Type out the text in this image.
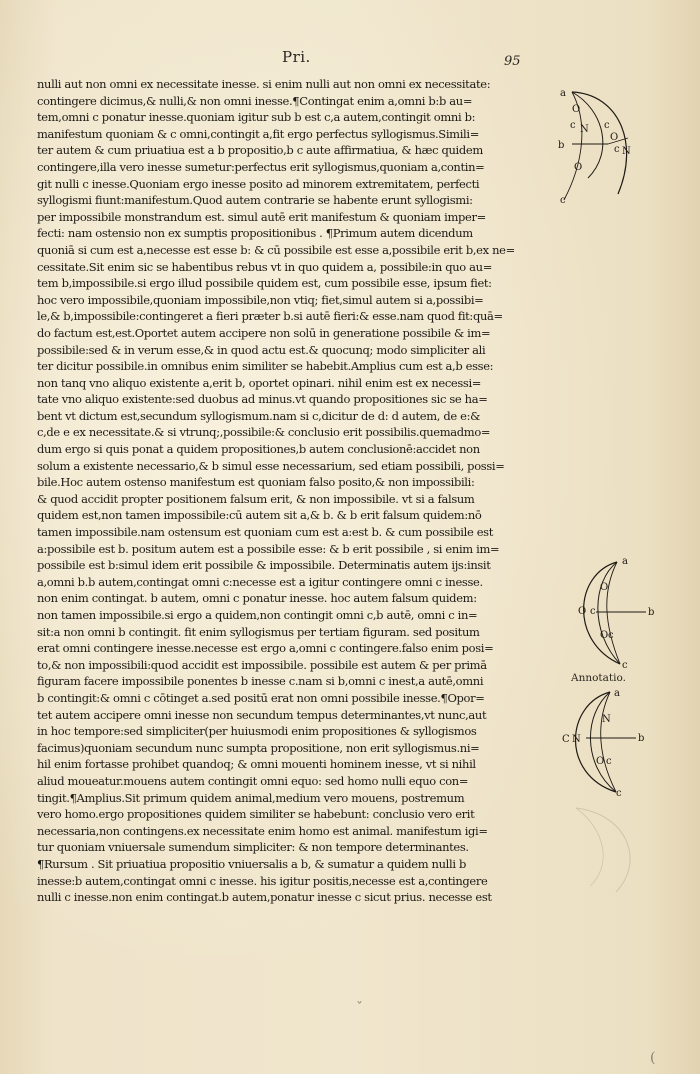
Pri.	95
nulli aut non omni ex necessitate inesse. si enim nulli aut non omni ex necessitate:
contingere dicimus,& nulli,& non omni inesse.¶Contingat enim a,omni b:b au=
tem,omni c ponatur inesse.quoniam igitur sub b est c,a autem,contingit omni b:
manifestum quoniam & c omni,contingit a,fit ergo perfectus syllogismus.Simili=
ter autem & cum priuatiua est a b propositio,b c aute affirmatiua, & hæc quidem
contingere,illa vero inesse sumetur:perfectus erit syllogismus,quoniam a,contin=
git nulli c inesse.Quoniam ergo inesse posito ad minorem extremitatem, perfecti
syllogismi fiunt:manifestum.Quod autem contrarie se habente erunt syllogismi:
per impossibile monstrandum est. simul autē erit manifestum & quoniam imper=
fecti: nam ostensio non ex sumptis propositionibus . ¶Primum autem dicendum
quoniā si cum est a,necesse est esse b: & cū possibile est esse a,possibile erit b,ex ne=
cessitate.Sit enim sic se habentibus rebus vt in quo quidem a, possibile:in quo au=
tem b,impossibile.si ergo illud possibile quidem est, cum possibile esse, ipsum fiet:
hoc vero impossibile,quoniam impossibile,non vtiq; fiet,simul autem si a,possibi=
le,& b,impossibile:contingeret a fieri præter b.si autē fieri:& esse.nam quod fit:quā=
do factum est,est.Oportet autem accipere non solū in generatione possibile & im=
possibile:sed & in verum esse,& in quod actu est.& quocunq; modo simpliciter ali
ter dicitur possibile.in omnibus enim similiter se habebit.Amplius cum est a,b esse:
non tanq vno aliquo existente a,erit b, oportet opinari. nihil enim est ex necessi=
tate vno aliquo existente:sed duobus ad minus.vt quando propositiones sic se ha=
bent vt dictum est,secundum syllogismum.nam si c,dicitur de d: d autem, de e:&
c,de e ex necessitate.& si vtrunq;,possibile:& conclusio erit possibilis.quemadmo=
dum ergo si quis ponat a quidem propositiones,b autem conclusionē:accidet non
solum a existente necessario,& b simul esse necessarium, sed etiam possibili, possi=
bile.Hoc autem ostenso manifestum est quoniam falso posito,& non impossibili:
& quod accidit propter positionem falsum erit, & non impossibile. vt si a falsum
quidem est,non tamen impossibile:cū autem sit a,& b. & b erit falsum quidem:nō
tamen impossibile.nam ostensum est quoniam cum est a:est b. & cum possibile est
a:possibile est b. positum autem est a possibile esse: & b erit possibile , si enim im=
possibile est b:simul idem erit possibile & impossibile. Determinatis autem ijs:insit
a,omni b.b autem,contingat omni c:necesse est a igitur contingere omni c inesse.
non enim contingat. b autem, omni c ponatur inesse. hoc autem falsum quidem:
non tamen impossibile.si ergo a quidem,non contingit omni c,b autē, omni c in=
sit:a non omni b contingit. fit enim syllogismus per tertiam figuram. sed positum
erat omni contingere inesse.necesse est ergo a,omni c contingere.falso enim posi=
to,& non impossibili:quod accidit est impossibile. possibile est autem & per primā
figuram facere impossibile ponentes b inesse c.nam si b,omni c inest,a autē,omni
b contingit:& omni c cōtinget a.sed positū erat non omni possibile inesse.¶Opor=
tet autem accipere omni inesse non secundum tempus determinantes,vt nunc,aut
in hoc tempore:sed simpliciter(per huiusmodi enim propositiones & syllogismos
facimus)quoniam secundum nunc sumpta propositione, non erit syllogismus.ni=
hil enim fortasse prohibet quandoq; & omni mouenti hominem inesse, vt si nihil
aliud moueatur.mouens autem contingit omni equo: sed homo nulli equo con=
tingit.¶Amplius.Sit primum quidem animal,medium vero mouens, postremum
vero homo.ergo propositiones quidem similiter se habebunt: conclusio vero erit
necessaria,non contingens.ex necessitate enim homo est animal. manifestum igi=
tur quoniam vniuersale sumendum simpliciter: & non tempore determinantes.
¶Rursum . Sit priuatiua propositio vniuersalis a b, & sumatur a quidem nulli b
inesse:b autem,contingat omni c inesse. his igitur positis,necesse est a,contingere
nulli c inesse.non enim contingat.b autem,ponatur inesse c sicut prius. necesse est
a
O
c N c
O
c N
b
O
c
a
O
O c	b
O c
c
Annotatio.
a
N
C N	b
O c
c
ˇ
(
